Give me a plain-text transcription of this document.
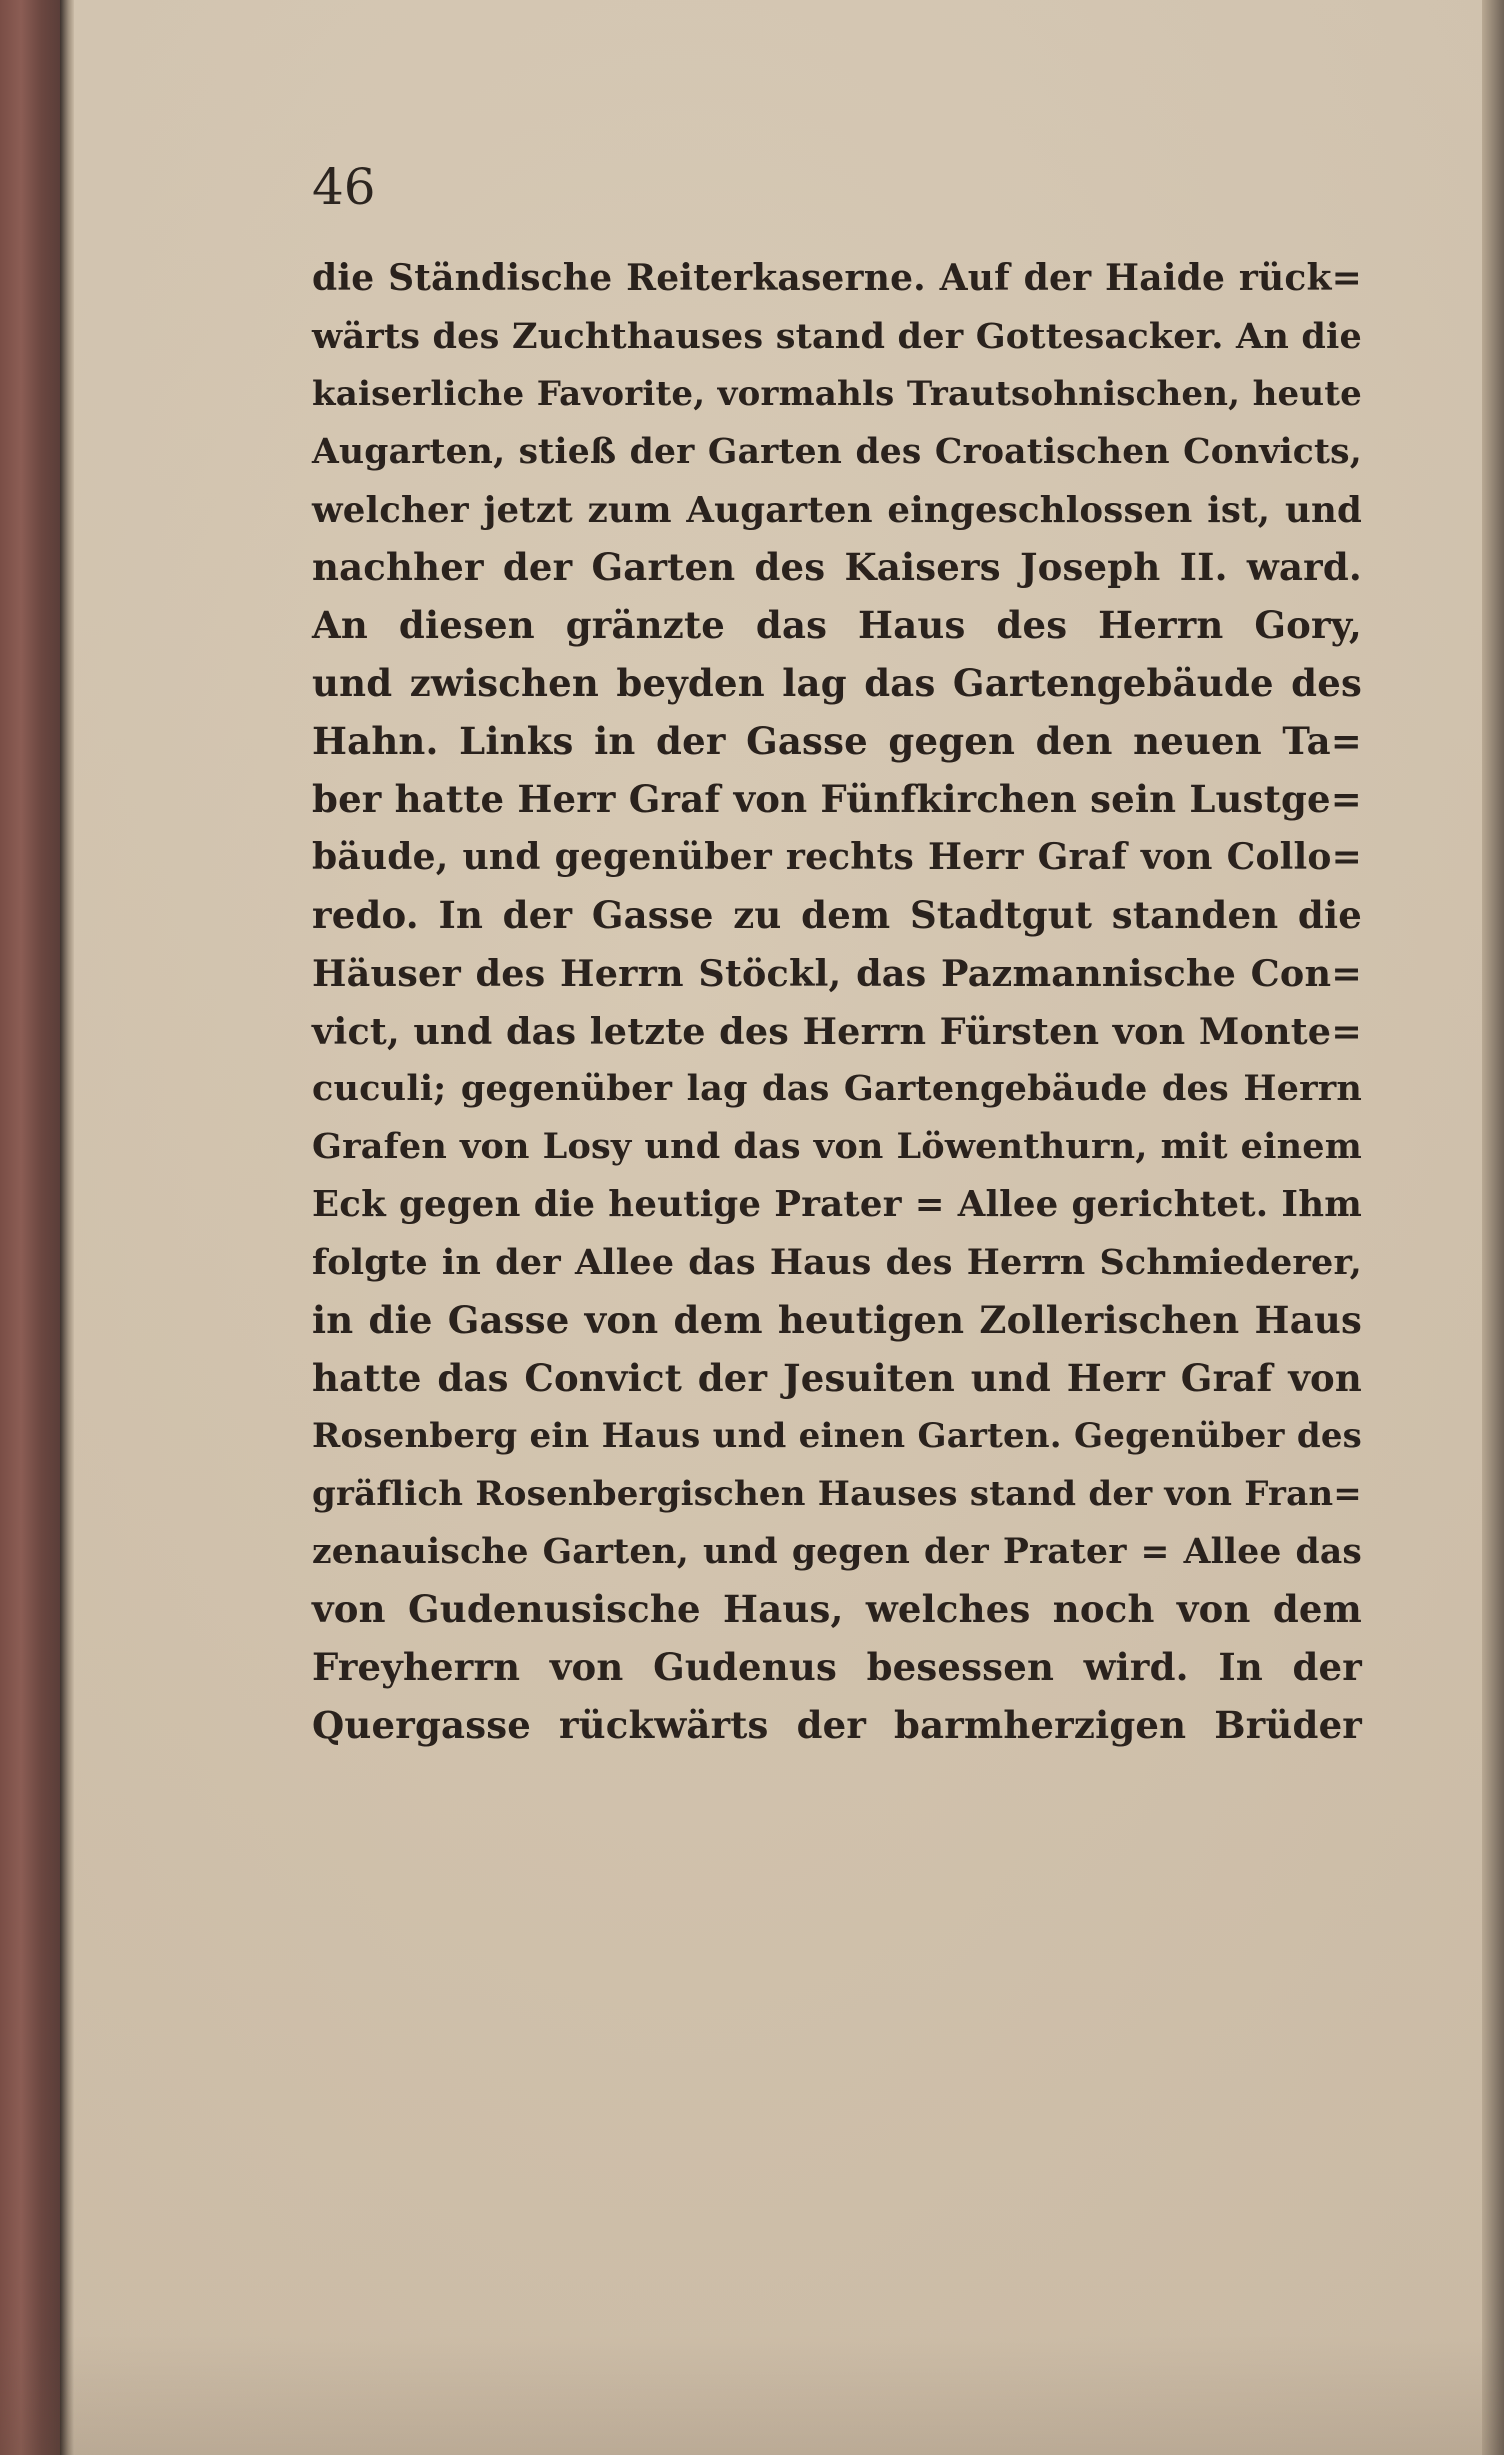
46

die Ständische Reiterkaserne. Auf der Haide rück=
wärts des Zuchthauses stand der Gottesacker. An die
kaiserliche Favorite, vormahls Trautsohnischen, heute
Augarten, stieß der Garten des Croatischen Convicts,
welcher jetzt zum Augarten eingeschlossen ist, und
nachher der Garten des Kaisers Joseph II. ward.
An diesen gränzte das Haus des Herrn Gory,
und zwischen beyden lag das Gartengebäude des
Hahn. Links in der Gasse gegen den neuen Ta=
ber hatte Herr Graf von Fünfkirchen sein Lustge=
bäude, und gegenüber rechts Herr Graf von Collo=
redo. In der Gasse zu dem Stadtgut standen die
Häuser des Herrn Stöckl, das Pazmannische Con=
vict, und das letzte des Herrn Fürsten von Monte=
cuculi; gegenüber lag das Gartengebäude des Herrn
Grafen von Losy und das von Löwenthurn, mit einem
Eck gegen die heutige Prater = Allee gerichtet. Ihm
folgte in der Allee das Haus des Herrn Schmiederer,
in die Gasse von dem heutigen Zollerischen Haus
hatte das Convict der Jesuiten und Herr Graf von
Rosenberg ein Haus und einen Garten. Gegenüber des
gräflich Rosenbergischen Hauses stand der von Fran=
zenauische Garten, und gegen der Prater = Allee das
von Gudenusische Haus, welches noch von dem
Freyherrn von Gudenus besessen wird. In der
Quergasse rückwärts der barmherzigen Brüder
